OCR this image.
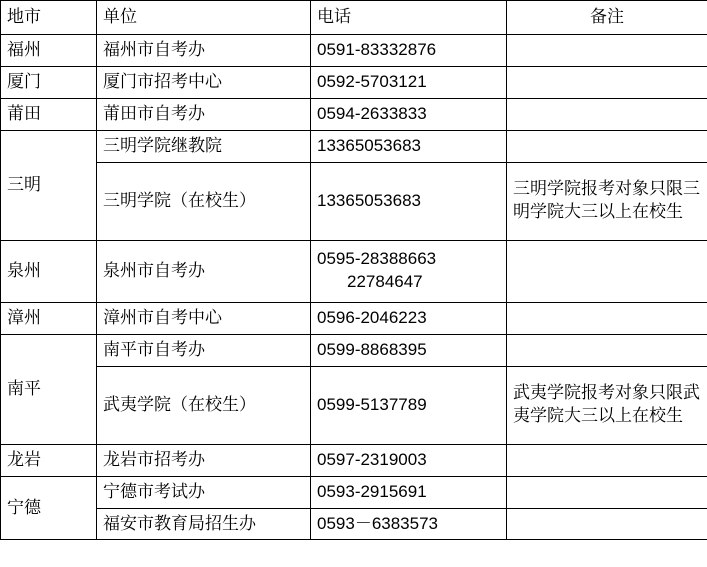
地市	单位	电话	备注
福州	福州市自考办	0591-83332876	
厦门	厦门市招考中心	0592-5703121	
莆田	莆田市自考办	0594-2633833	
三明	三明学院继教院	13365053683	
	三明学院（在校生）	13365053683	三明学院报考对象只限三明学院大三以上在校生
泉州	泉州市自考办	0595-28388663
22784647	

漳州	漳州市自考中心	0596-2046223	
南平	南平市自考办	0599-8868395	
	武夷学院（在校生）	0599-5137789	武夷学院报考对象只限武夷学院大三以上在校生
龙岩	龙岩市招考办	0597-2319003	
宁德	宁德市考试办	0593-2915691	
	福安市教育局招生办	0593－6383573	
